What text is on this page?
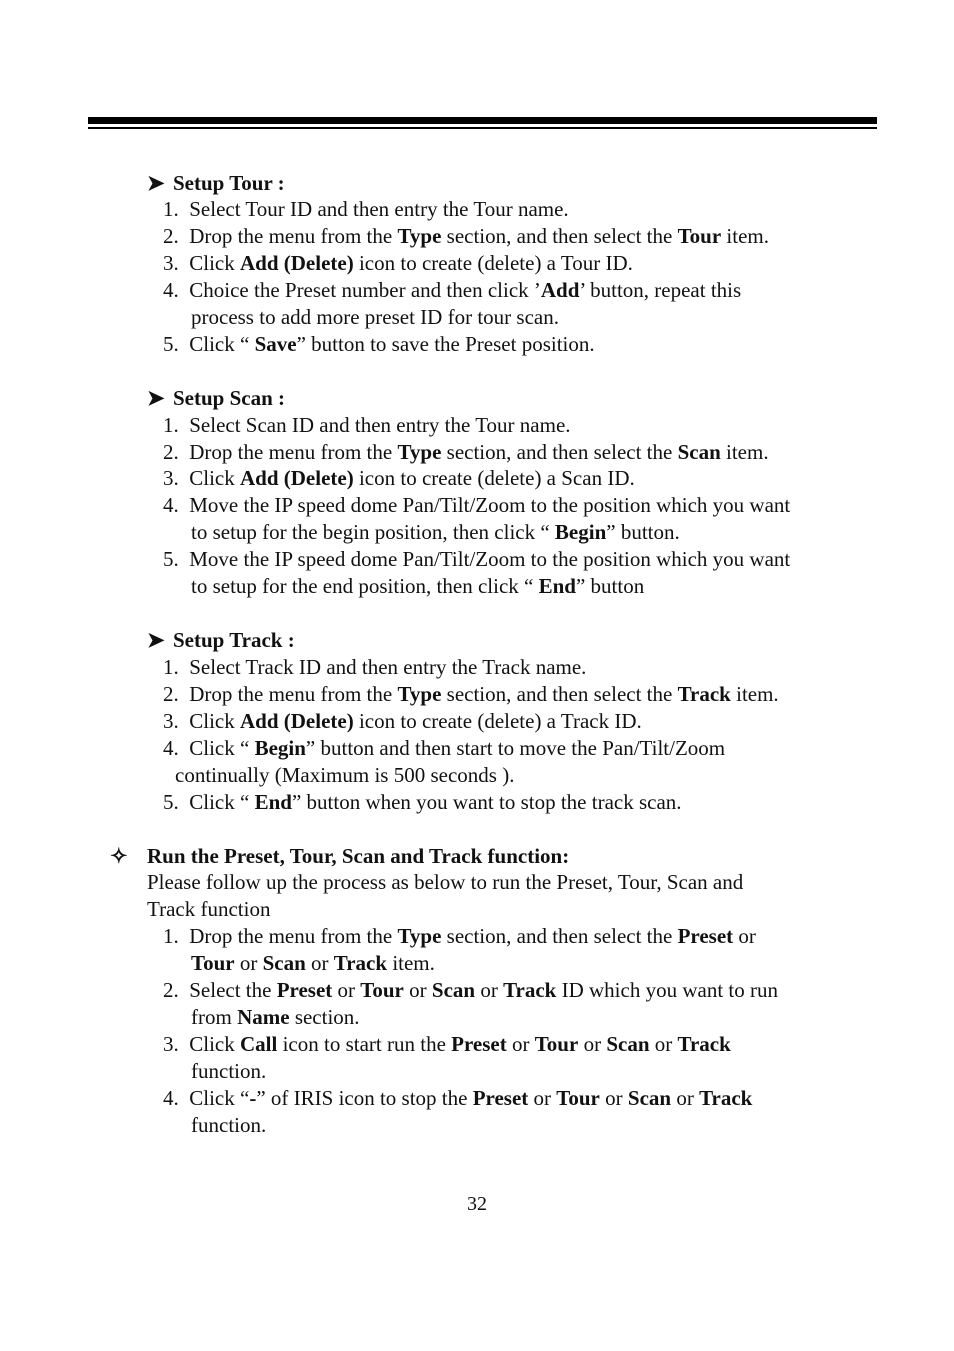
➤ Setup Tour :
1. Select Tour ID and then entry the Tour name.
2. Drop the menu from the Type section, and then select the Tour item.
3. Click Add (Delete) icon to create (delete) a Tour ID.
4. Choice the Preset number and then click ’Add’ button, repeat this
process to add more preset ID for tour scan.
5. Click “ Save” button to save the Preset position.
➤ Setup Scan :
1. Select Scan ID and then entry the Tour name.
2. Drop the menu from the Type section, and then select the Scan item.
3. Click Add (Delete) icon to create (delete) a Scan ID.
4. Move the IP speed dome Pan/Tilt/Zoom to the position which you want
to setup for the begin position, then click “ Begin” button.
5. Move the IP speed dome Pan/Tilt/Zoom to the position which you want
to setup for the end position, then click “ End” button
➤ Setup Track :
1. Select Track ID and then entry the Track name.
2. Drop the menu from the Type section, and then select the Track item.
3. Click Add (Delete) icon to create (delete) a Track ID.
4. Click “ Begin” button and then start to move the Pan/Tilt/Zoom
continually (Maximum is 500 seconds ).
5. Click “ End” button when you want to stop the track scan.
✧ Run the Preset, Tour, Scan and Track function:
Please follow up the process as below to run the Preset, Tour, Scan and
Track function
1. Drop the menu from the Type section, and then select the Preset or
Tour or Scan or Track item.
2. Select the Preset or Tour or Scan or Track ID which you want to run
from Name section.
3. Click Call icon to start run the Preset or Tour or Scan or Track
function.
4. Click “-” of IRIS icon to stop the Preset or Tour or Scan or Track
function.
32
